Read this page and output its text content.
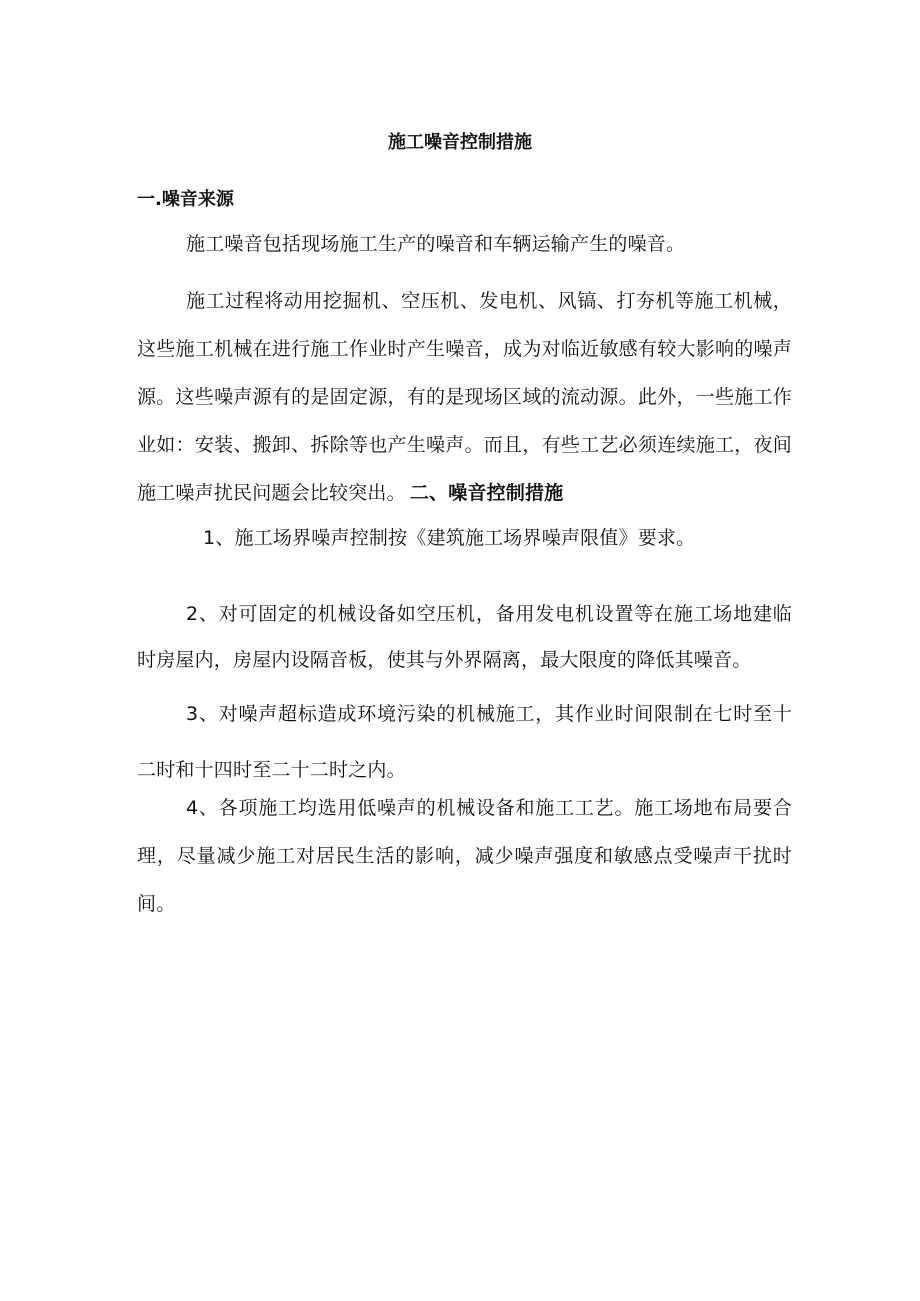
施工噪音控制措施
一.噪音来源
施工噪音包括现场施工生产的噪音和车辆运输产生的噪音。
施工过程将动用挖掘机、空压机、发电机、风镐、打夯机等施工机械，这些施工机械在进行施工作业时产生噪音，成为对临近敏感有较大影响的噪声源。这些噪声源有的是固定源，有的是现场区域的流动源。此外，一些施工作业如：安装、搬卸、拆除等也产生噪声。而且，有些工艺必须连续施工，夜间施工噪声扰民问题会比较突出。 二、噪音控制措施
1、施工场界噪声控制按《建筑施工场界噪声限值》要求。
2、对可固定的机械设备如空压机，备用发电机设置等在施工场地建临时房屋内，房屋内设隔音板，使其与外界隔离，最大限度的降低其噪音。
3、对噪声超标造成环境污染的机械施工，其作业时间限制在七时至十二时和十四时至二十二时之内。
4、各项施工均选用低噪声的机械设备和施工工艺。施工场地布局要合理，尽量减少施工对居民生活的影响，减少噪声强度和敏感点受噪声干扰时间。
